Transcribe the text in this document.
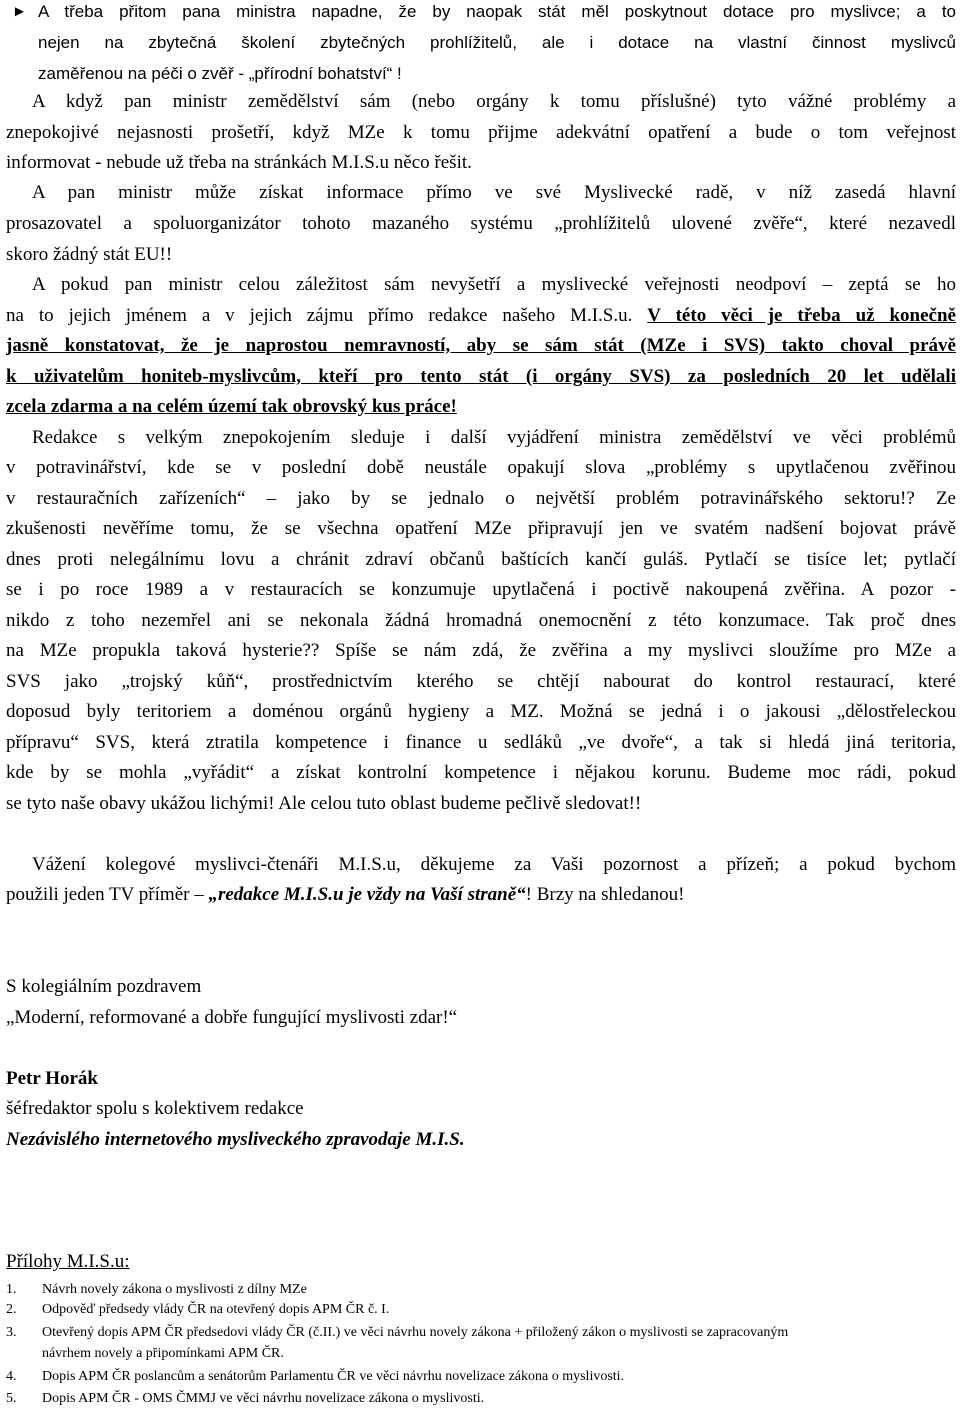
► A třeba přitom pana ministra napadne, že by naopak stát měl poskytnout dotace pro myslivce; a to
nejen na zbytečná školení zbytečných prohlížitelů, ale i dotace na vlastní činnost myslivců
zaměřenou na péči o zvěř - „přírodní bohatství“ !
A když pan ministr zemědělství sám (nebo orgány k tomu příslušné) tyto vážné problémy a
znepokojivé nejasnosti prošetří, když MZe k tomu přijme adekvátní opatření a bude o tom veřejnost
informovat - nebude už třeba na stránkách M.I.S.u něco řešit.
A pan ministr může získat informace přímo ve své Myslivecké radě, v níž zasedá hlavní
prosazovatel a spoluorganizátor tohoto mazaného systému „prohlížitelů ulovené zvěře“, které nezavedl
skoro žádný stát EU!!
A pokud pan ministr celou záležitost sám nevyšetří a myslivecké veřejnosti neodpoví – zeptá se ho
na to jejich jménem a v jejich zájmu přímo redakce našeho M.I.S.u. V této věci je třeba už konečně
jasně konstatovat, že je naprostou nemravností, aby se sám stát (MZe i SVS) takto choval právě
k uživatelům honiteb-myslivcům, kteří pro tento stát (i orgány SVS) za posledních 20 let udělali
zcela zdarma a na celém území tak obrovský kus práce!
Redakce s velkým znepokojením sleduje i další vyjádření ministra zemědělství ve věci problémů
v potravinářství, kde se v poslední době neustále opakují slova „problémy s upytlačenou zvěřinou
v restauračních zařízeních“ – jako by se jednalo o největší problém potravinářského sektoru!? Ze
zkušenosti nevěříme tomu, že se všechna opatření MZe připravují jen ve svatém nadšení bojovat právě
dnes proti nelegálnímu lovu a chránit zdraví občanů baštících kančí guláš. Pytlačí se tisíce let; pytlačí
se i po roce 1989 a v restauracích se konzumuje upytlačená i poctivě nakoupená zvěřina. A pozor -
nikdo z toho nezemřel ani se nekonala žádná hromadná onemocnění z této konzumace. Tak proč dnes
na MZe propukla taková hysterie?? Spíše se nám zdá, že zvěřina a my myslivci sloužíme pro MZe a
SVS jako „trojský kůň“, prostřednictvím kterého se chtějí nabourat do kontrol restaurací, které
doposud byly teritoriem a doménou orgánů hygieny a MZ. Možná se jedná i o jakousi „dělostřeleckou
přípravu“ SVS, která ztratila kompetence i finance u sedláků „ve dvoře“, a tak si hledá jiná teritoria,
kde by se mohla „vyřádit“ a získat kontrolní kompetence i nějakou korunu. Budeme moc rádi, pokud
se tyto naše obavy ukážou lichými! Ale celou tuto oblast budeme pečlivě sledovat!!
Vážení kolegové myslivci-čtenáři M.I.S.u, děkujeme za Vaši pozornost a přízeň; a pokud bychom
použili jeden TV příměr – „redakce M.I.S.u je vždy na Vaší straně“! Brzy na shledanou!
S kolegiálním pozdravem
„Moderní, reformované a dobře fungující myslivosti zdar!“
Petr Horák
šéfredaktor spolu s kolektivem redakce
Nezávislého internetového mysliveckého zpravodaje M.I.S.
Přílohy M.I.S.u:
1. Návrh novely zákona o myslivosti z dílny MZe
2. Odpověď předsedy vlády ČR na otevřený dopis APM ČR č. I.
3. Otevřený dopis APM ČR předsedovi vlády ČR (č.II.) ve věci návrhu novely zákona + přiložený zákon o myslivosti se zapracovaným
návrhem novely a připomínkami APM ČR.
4. Dopis APM ČR poslancům a senátorům Parlamentu ČR ve věci návrhu novelizace zákona o myslivosti.
5. Dopis APM ČR - OMS ČMMJ ve věci návrhu novelizace zákona o myslivosti.
